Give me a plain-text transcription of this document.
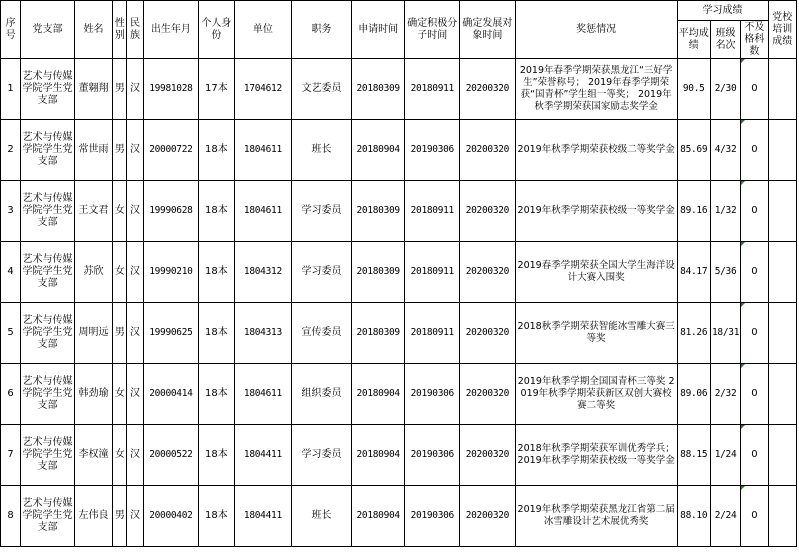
序号	党支部	姓名	性别	民族	出生年月	个人身份	单位	职务	申请时间	确定积极分子时间	确定发展对象时间	奖惩情况	学习成绩			党校培训成绩
													平均成绩	班级名次	不及格科数	
1	艺术与传媒学院学生党支部	董翱翔	男	汉	19981028	17本	1704612	文艺委员	20180309	20180911	20200320	2019年春季学期荣获黑龙江“三好学生”荣誉称号； 2019年春季学期荣获“国青杯”学生组一等奖； 2019年秋季学期荣获国家励志奖学金	90.5	2/30	0	
2	艺术与传媒学院学生党支部	常世雨	男	汉	20000722	18本	1804611	班长	20180904	20190306	20200320	2019年秋季学期荣获校级二等奖学金	85.69	4/32	0	
3	艺术与传媒学院学生党支部	王文君	女	汉	19990628	18本	1804611	学习委员	20180309	20180911	20200320	2019年秋季学期荣获校级一等奖学金	89.16	1/32	0	
4	艺术与传媒学院学生党支部	苏欣	女	汉	19990210	18本	1804312	学习委员	20180309	20180911	20200320	2019春季学期荣获全国大学生海洋设计大赛入围奖	84.17	5/36	0	
5	艺术与传媒学院学生党支部	周明远	男	汉	19990625	18本	1804313	宣传委员	20180309	20180911	20200320	2018秋季学期荣获智能冰雪雕大赛三等奖	81.26	18/31	0	
6	艺术与传媒学院学生党支部	韩劲瑜	女	汉	20000414	18本	1804611	组织委员	20180904	20190306	20200320	2019年秋季学期全国国青杯三等奖 2019年秋季学期荣获新区双创大赛校赛二等奖	89.06	2/32	0	
7	艺术与传媒学院学生党支部	李权潼	女	汉	20000522	18本	1804411	学习委员	20180904	20190306	20200320	2018年秋季学期荣获军训优秀学兵； 2019年秋季学期荣获校级一等奖学金	88.15	1/24	0	
8	艺术与传媒学院学生党支部	左伟良	男	汉	20000402	18本	1804411	班长	20180904	20190306	20200320	2019年秋季学期荣获黑龙江省第二届冰雪雕设计艺术展优秀奖	88.10	2/24	0	
